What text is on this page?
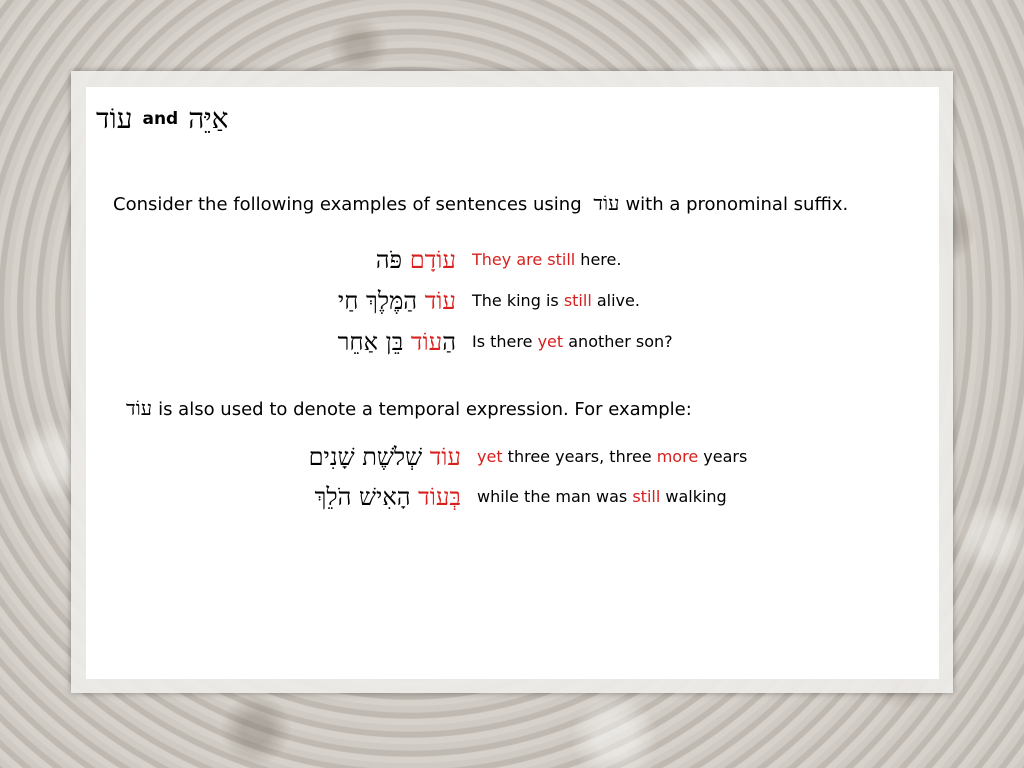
עוֹד and אַיֵּה
Consider the following examples of sentences using עוֹד with a pronominal suffix.
עוֹדָם פֹּה	They are still here.
עוֹד הַמֶּלֶךְ חַי	The king is still alive.
הַעוֹד בֵּן אַחֵר	Is there yet another son?
עוֹד is also used to denote a temporal expression. For example:
עוֹד שְׁלֹשֶׁת שָׁנִים	yet three years, three more years
בְּעוֹד הָאִישׁ הֹלֵךְ	while the man was still walking
